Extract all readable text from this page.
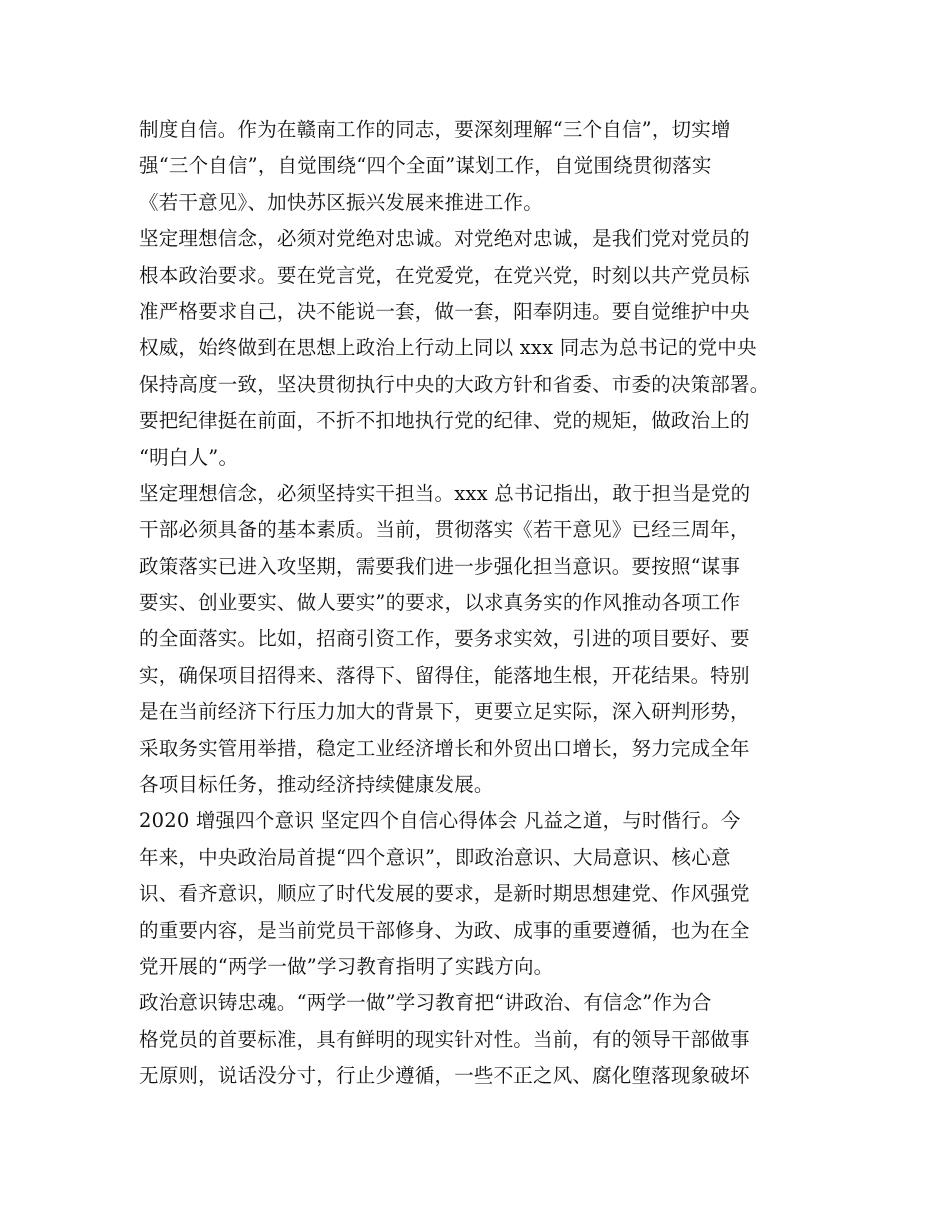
制度自信。作为在赣南工作的同志，要深刻理解“三个自信”，切实增
强“三个自信”，自觉围绕“四个全面”谋划工作，自觉围绕贯彻落实
《若干意见》、加快苏区振兴发展来推进工作。
坚定理想信念，必须对党绝对忠诚。对党绝对忠诚，是我们党对党员的
根本政治要求。要在党言党，在党爱党，在党兴党，时刻以共产党员标
准严格要求自己，决不能说一套，做一套，阳奉阴违。要自觉维护中央
权威，始终做到在思想上政治上行动上同以 xxx 同志为总书记的党中央
保持高度一致，坚决贯彻执行中央的大政方针和省委、市委的决策部署。
要把纪律挺在前面，不折不扣地执行党的纪律、党的规矩，做政治上的
“明白人”。
坚定理想信念，必须坚持实干担当。xxx 总书记指出，敢于担当是党的
干部必须具备的基本素质。当前，贯彻落实《若干意见》已经三周年，
政策落实已进入攻坚期，需要我们进一步强化担当意识。要按照“谋事
要实、创业要实、做人要实”的要求，以求真务实的作风推动各项工作
的全面落实。比如，招商引资工作，要务求实效，引进的项目要好、要
实，确保项目招得来、落得下、留得住，能落地生根，开花结果。特别
是在当前经济下行压力加大的背景下，更要立足实际，深入研判形势，
采取务实管用举措，稳定工业经济增长和外贸出口增长，努力完成全年
各项目标任务，推动经济持续健康发展。
2020 增强四个意识 坚定四个自信心得体会 凡益之道，与时偕行。今
年来，中央政治局首提“四个意识”，即政治意识、大局意识、核心意
识、看齐意识，顺应了时代发展的要求，是新时期思想建党、作风强党
的重要内容，是当前党员干部修身、为政、成事的重要遵循，也为在全
党开展的“两学一做”学习教育指明了实践方向。
政治意识铸忠魂。“两学一做”学习教育把“讲政治、有信念”作为合
格党员的首要标准，具有鲜明的现实针对性。当前，有的领导干部做事
无原则，说话没分寸，行止少遵循，一些不正之风、腐化堕落现象破坏
